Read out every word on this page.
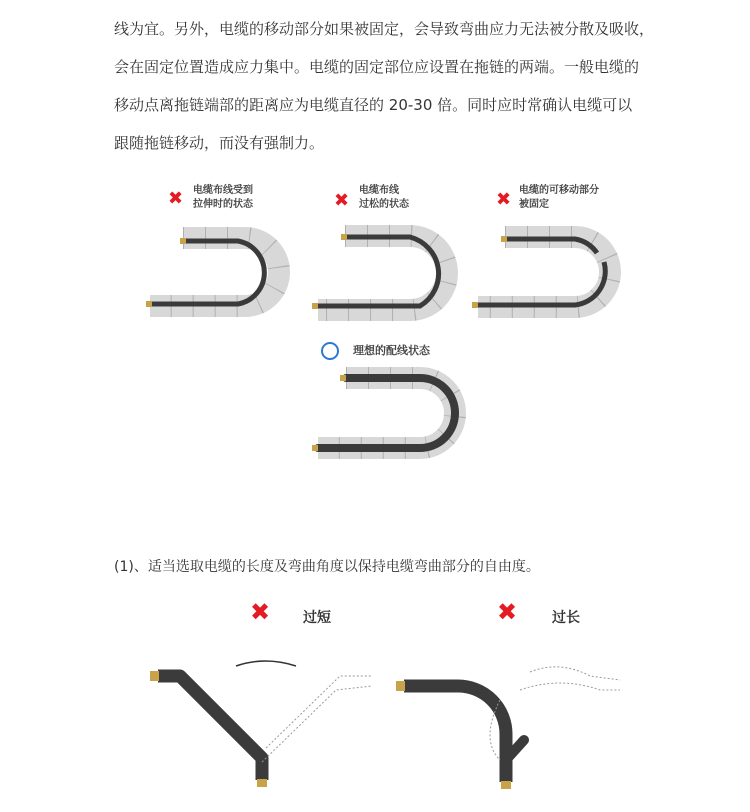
线为宜。另外，电缆的移动部分如果被固定，会导致弯曲应力无法被分散及吸收，

会在固定位置造成应力集中。电缆的固定部位应设置在拖链的两端。一般电缆的

移动点离拖链端部的距离应为电缆直径的 20-30 倍。同时应时常确认电缆可以

跟随拖链移动，而没有强制力。

✖ 电缆布线受到
拉伸时的状态	✖ 电缆布线
过松的状态	✖ 电缆的可移动部分
被固定
理想的配线状态
(1)、适当选取电缆的长度及弯曲角度以保持电缆弯曲部分的自由度。
✖ 过短	✖ 过长
